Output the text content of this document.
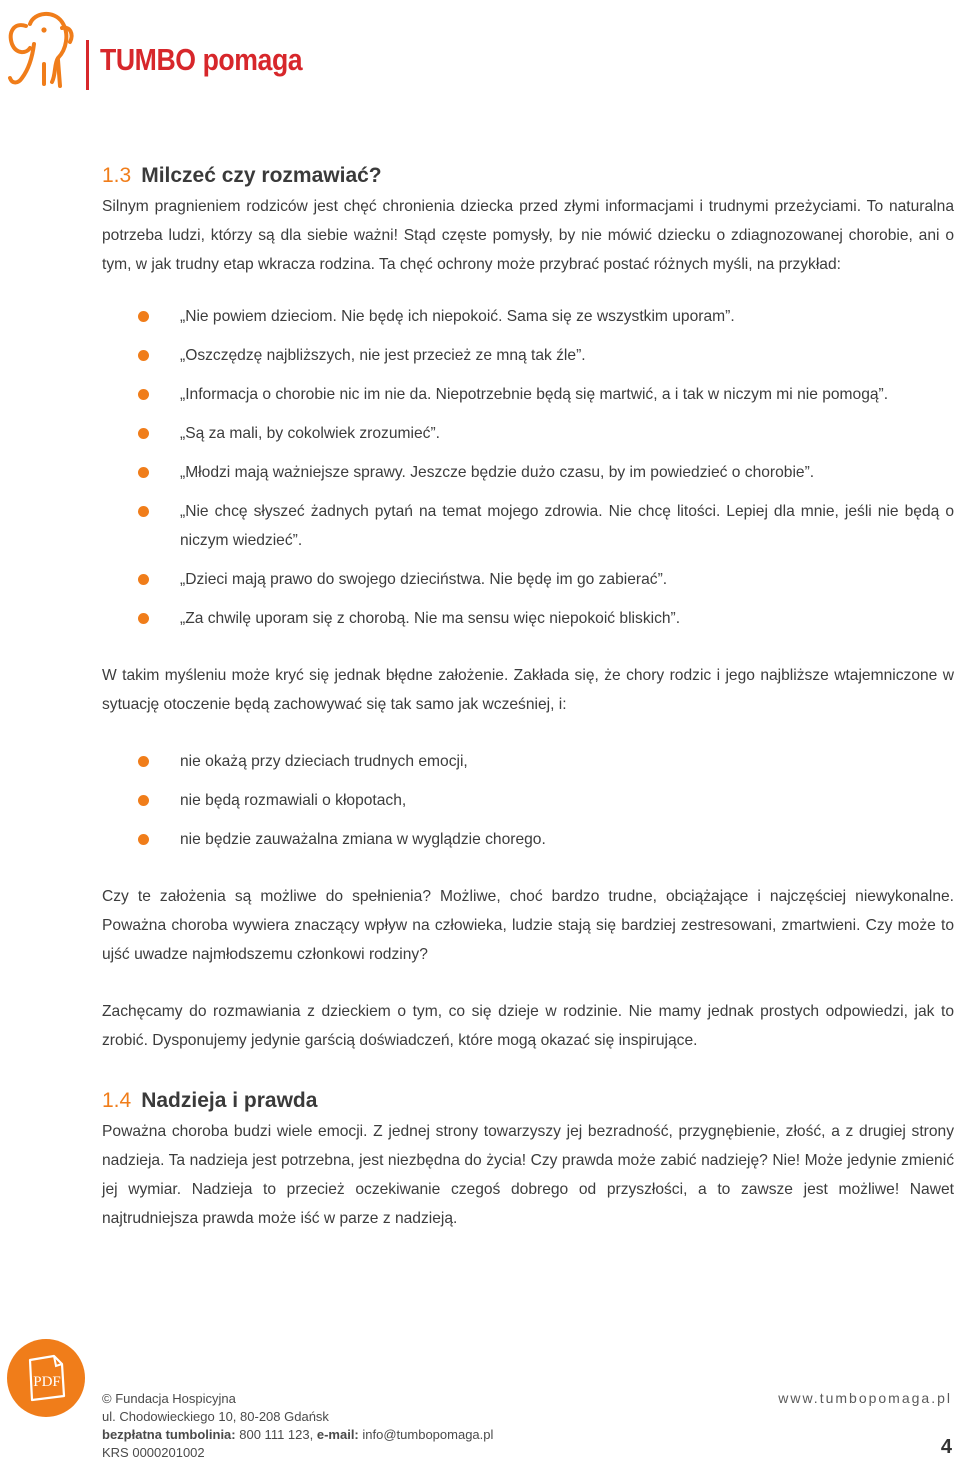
TUMBO pomaga
1.3 Milczeć czy rozmawiać?

Silnym pragnieniem rodziców jest chęć chronienia dziecka przed złymi informacjami i trudnymi przeżyciami. To naturalna potrzeba ludzi, którzy są dla siebie ważni! Stąd częste pomysły, by nie mówić dziecku o zdiagnozowanej chorobie, ani o tym, w jak trudny etap wkracza rodzina. Ta chęć ochrony może przybrać postać różnych myśli, na przykład:

„Nie powiem dzieciom. Nie będę ich niepokoić. Sama się ze wszystkim uporam”.
„Oszczędzę najbliższych, nie jest przecież ze mną tak źle”.
„Informacja o chorobie nic im nie da. Niepotrzebnie będą się martwić, a i tak w niczym mi nie pomogą”.
„Są za mali, by cokolwiek zrozumieć”.
„Młodzi mają ważniejsze sprawy. Jeszcze będzie dużo czasu, by im powiedzieć o chorobie”.
„Nie chcę słyszeć żadnych pytań na temat mojego zdrowia. Nie chcę litości. Lepiej dla mnie, jeśli nie będą o niczym wiedzieć”.
„Dzieci mają prawo do swojego dzieciństwa. Nie będę im go zabierać”.
„Za chwilę uporam się z chorobą. Nie ma sensu więc niepokoić bliskich”.

W takim myśleniu może kryć się jednak błędne założenie. Zakłada się, że chory rodzic i jego najbliższe wtajemniczone w sytuację otoczenie będą zachowywać się tak samo jak wcześniej, i:

nie okażą przy dzieciach trudnych emocji,
nie będą rozmawiali o kłopotach,
nie będzie zauważalna zmiana w wyglądzie chorego.

Czy te założenia są możliwe do spełnienia? Możliwe, choć bardzo trudne, obciążające i najczęściej niewykonalne. Poważna choroba wywiera znaczący wpływ na człowieka, ludzie stają się bardziej zestresowani, zmartwieni. Czy może to ujść uwadze najmłodszemu członkowi rodziny?

Zachęcamy do rozmawiania z dzieckiem o tym, co się dzieje w rodzinie. Nie mamy jednak prostych odpowiedzi, jak to zrobić. Dysponujemy jedynie garścią doświadczeń, które mogą okazać się inspirujące.

1.4 Nadzieja i prawda

Poważna choroba budzi wiele emocji. Z jednej strony towarzyszy jej bezradność, przygnębienie, złość, a z drugiej strony nadzieja. Ta nadzieja jest potrzebna, jest niezbędna do życia! Czy prawda może zabić nadzieję? Nie! Może jedynie zmienić jej wymiar. Nadzieja to przecież oczekiwanie czegoś dobrego od przyszłości, a to zawsze jest możliwe! Nawet najtrudniejsza prawda może iść w parze z nadzieją.

PDF
© Fundacja Hospicyjna
ul. Chodowieckiego 10, 80-208 Gdańsk
bezpłatna tumbolinia: 800 111 123, e-mail: info@tumbopomaga.pl
KRS 0000201002
www.tumbopomaga.pl
4
